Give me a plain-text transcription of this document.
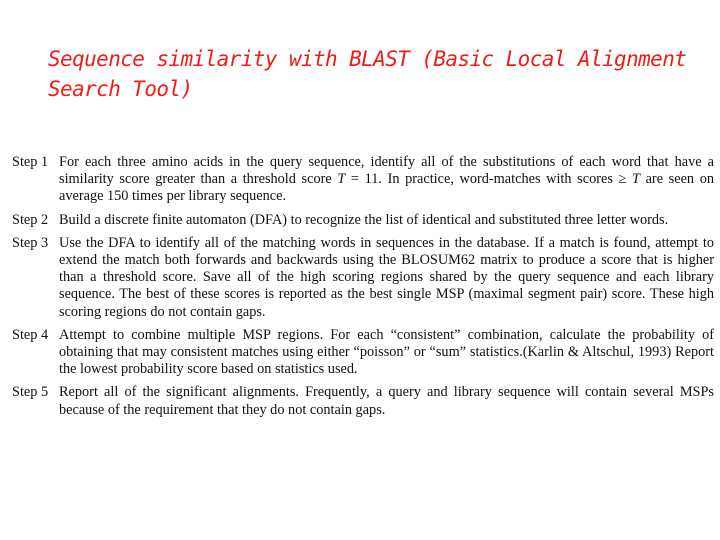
Sequence similarity with BLAST (Basic Local Alignment
Search Tool)
Step 1 For each three amino acids in the query sequence, identify all of the substitutions of each word that have a similarity score greater than a threshold score T = 11. In practice, word-matches with scores ≥ T are seen on average 150 times per library sequence.
Step 2 Build a discrete finite automaton (DFA) to recognize the list of identical and substituted three letter words.
Step 3 Use the DFA to identify all of the matching words in sequences in the database. If a match is found, attempt to extend the match both forwards and backwards using the BLOSUM62 matrix to produce a score that is higher than a threshold score. Save all of the high scoring regions shared by the query sequence and each library sequence. The best of these scores is reported as the best single MSP (maximal segment pair) score. These high scoring regions do not contain gaps.
Step 4 Attempt to combine multiple MSP regions. For each “consistent” combination, calculate the probability of obtaining that may consistent matches using either “poisson” or “sum” statistics.(Karlin & Altschul, 1993) Report the lowest probability score based on statistics used.
Step 5 Report all of the significant alignments. Frequently, a query and library sequence will contain several MSPs because of the requirement that they do not contain gaps.
